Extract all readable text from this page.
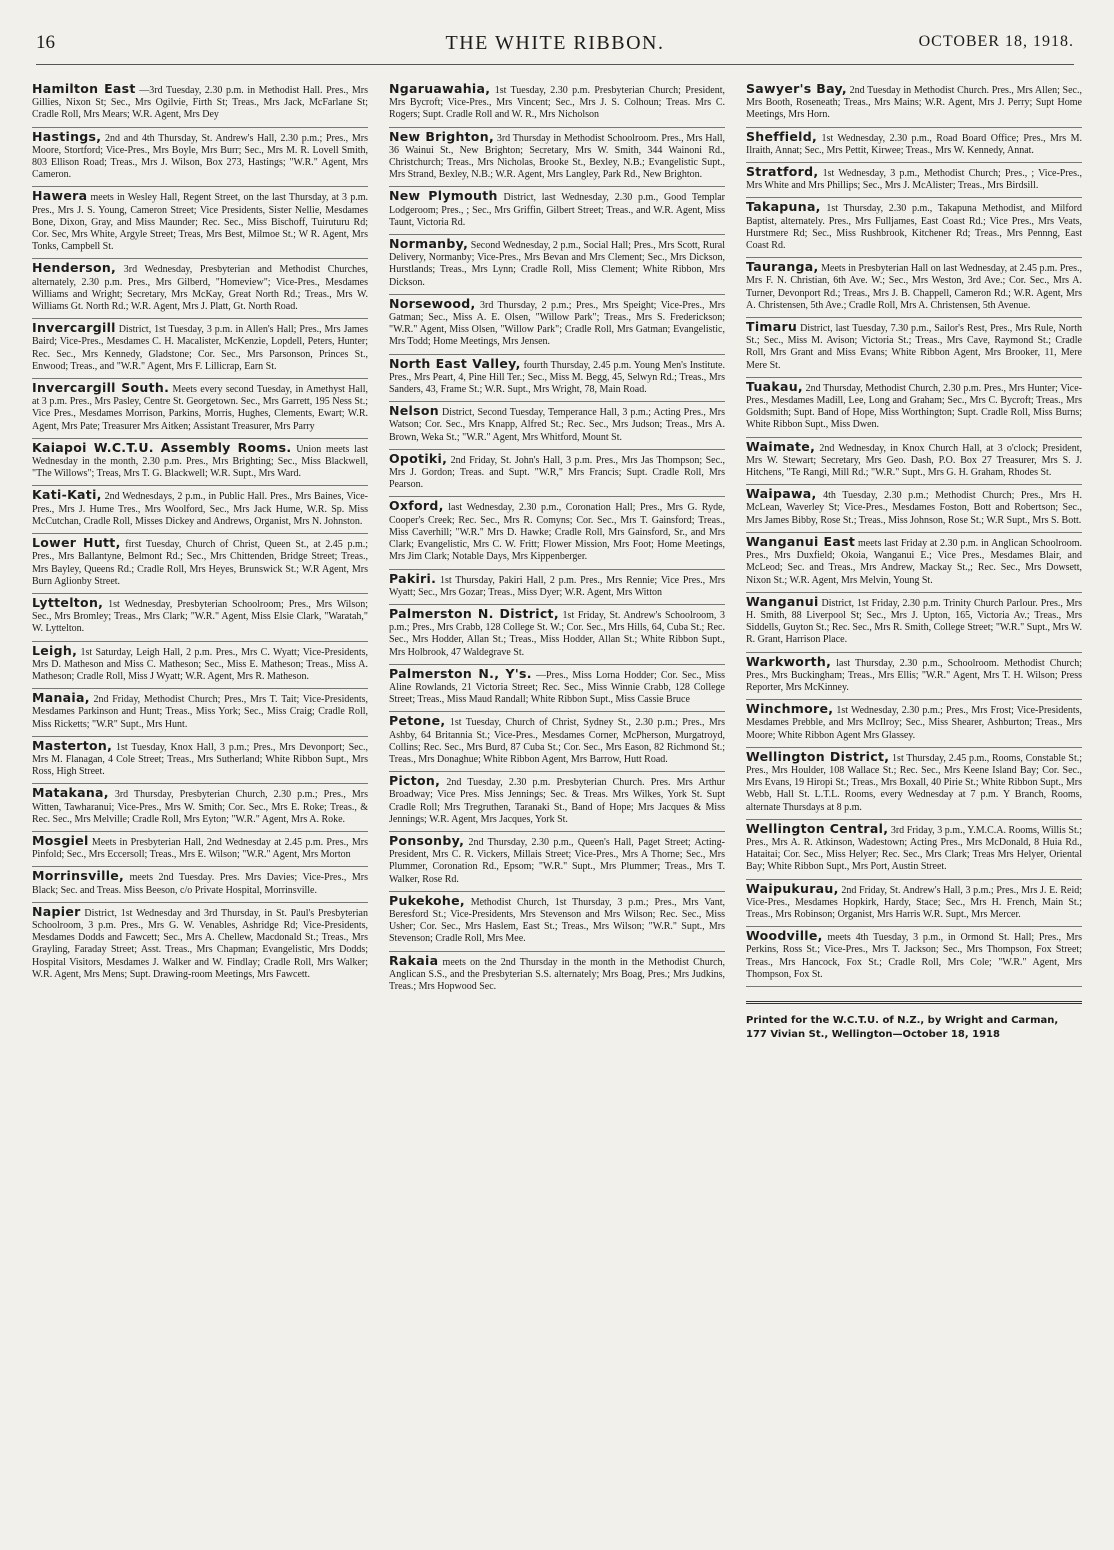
16	THE WHITE RIBBON.	OCTOBER 18, 1918.
Hamilton East —3rd Tuesday, 2.30 p.m. in Methodist Hall. Pres., Mrs Gillies, Nixon St; Sec., Mrs Ogilvie, Firth St; Treas., Mrs Jack, McFarlane St; Cradle Roll, Mrs Mears; W.R. Agent, Mrs Dey
Hastings, 2nd and 4th Thursday, St. Andrew's Hall, 2.30 p.m.; Pres., Mrs Moore, Stortford; Vice-Pres., Mrs Boyle, Mrs Burr; Sec., Mrs M. R. Lovell Smith, 803 Ellison Road; Treas., Mrs J. Wilson, Box 273, Hastings; "W.R." Agent, Mrs Cameron.
Hawera meets in Wesley Hall, Regent Street, on the last Thursday, at 3 p.m. Pres., Mrs J. S. Young, Cameron Street; Vice Presidents, Sister Nellie, Mesdames Bone, Dixon, Gray, and Miss Maunder; Rec. Sec., Miss Bischoff, Tuiruturu Rd; Cor. Sec, Mrs White, Argyle Street; Treas, Mrs Best, Milmoe St.; W R. Agent, Mrs Tonks, Campbell St.
Henderson, 3rd Wednesday, Presbyterian and Methodist Churches, alternately, 2.30 p.m. Pres., Mrs Gilberd, "Homeview"; Vice-Pres., Mesdames Williams and Wright; Secretary, Mrs McKay, Great North Rd.; Treas., Mrs W. Williams Gt. North Rd.; W.R. Agent, Mrs J. Platt, Gt. North Road.
Invercargill District, 1st Tuesday, 3 p.m. in Allen's Hall; Pres., Mrs James Baird; Vice-Pres., Mesdames C. H. Macalister, McKenzie, Lopdell, Peters, Hunter; Rec. Sec., Mrs Kennedy, Gladstone; Cor. Sec., Mrs Parsonson, Princes St., Enwood; Treas., and "W.R." Agent, Mrs F. Lillicrap, Earn St.
Invercargill South. Meets every second Tuesday, in Amethyst Hall, at 3 p.m. Pres., Mrs Pasley, Centre St. Georgetown. Sec., Mrs Garrett, 195 Ness St.; Vice Pres., Mesdames Morrison, Parkins, Morris, Hughes, Clements, Ewart; W.R. Agent, Mrs Pate; Treasurer Mrs Aitken; Assistant Treasurer, Mrs Parry
Kaiapoi W.C.T.U. Assembly Rooms. Union meets last Wednesday in the month, 2.30 p.m. Pres., Mrs Brighting; Sec., Miss Blackwell, "The Willows"; Treas, Mrs T. G. Blackwell; W.R. Supt., Mrs Ward.
Kati-Kati, 2nd Wednesdays, 2 p.m., in Public Hall. Pres., Mrs Baines, Vice-Pres., Mrs J. Hume Tres., Mrs Woolford, Sec., Mrs Jack Hume, W.R. Sp. Miss McCutchan, Cradle Roll, Misses Dickey and Andrews, Organist, Mrs N. Johnston.
Lower Hutt, first Tuesday, Church of Christ, Queen St., at 2.45 p.m.; Pres., Mrs Ballantyne, Belmont Rd.; Sec., Mrs Chittenden, Bridge Street; Treas., Mrs Bayley, Queens Rd.; Cradle Roll, Mrs Heyes, Brunswick St.; W.R Agent, Mrs Burn Aglionby Street.
Lyttelton, 1st Wednesday, Presbyterian Schoolroom; Pres., Mrs Wilson; Sec., Mrs Bromley; Treas., Mrs Clark; "W.R." Agent, Miss Elsie Clark, "Waratah," W. Lyttelton.
Leigh, 1st Saturday, Leigh Hall, 2 p.m. Pres., Mrs C. Wyatt; Vice-Presidents, Mrs D. Matheson and Miss C. Matheson; Sec., Miss E. Matheson; Treas., Miss A. Matheson; Cradle Roll, Miss J Wyatt; W.R. Agent, Mrs R. Matheson.
Manaia, 2nd Friday, Methodist Church; Pres., Mrs T. Tait; Vice-Presidents, Mesdames Parkinson and Hunt; Treas., Miss York; Sec., Miss Craig; Cradle Roll, Miss Ricketts; "W.R" Supt., Mrs Hunt.
Masterton, 1st Tuesday, Knox Hall, 3 p.m.; Pres., Mrs Devonport; Sec., Mrs M. Flanagan, 4 Cole Street; Treas., Mrs Sutherland; White Ribbon Supt., Mrs Ross, High Street.
Matakana, 3rd Thursday, Presbyterian Church, 2.30 p.m.; Pres., Mrs Witten, Tawharanui; Vice-Pres., Mrs W. Smith; Cor. Sec., Mrs E. Roke; Treas., & Rec. Sec., Mrs Melville; Cradle Roll, Mrs Eyton; "W.R." Agent, Mrs A. Roke.
Mosgiel Meets in Presbyterian Hall, 2nd Wednesday at 2.45 p.m. Pres., Mrs Pinfold; Sec., Mrs Eccersoll; Treas., Mrs E. Wilson; "W.R." Agent, Mrs Morton
Morrinsville, meets 2nd Tuesday. Pres. Mrs Davies; Vice-Pres., Mrs Black; Sec. and Treas. Miss Beeson, c/o Private Hospital, Morrinsville.
Napier District, 1st Wednesday and 3rd Thursday, in St. Paul's Presbyterian Schoolroom, 3 p.m. Pres., Mrs G. W. Venables, Ashridge Rd; Vice-Presidents, Mesdames Dodds and Fawcett; Sec., Mrs A. Chellew, Macdonald St.; Treas., Mrs Grayling, Faraday Street; Asst. Treas., Mrs Chapman; Evangelistic, Mrs Dodds; Hospital Visitors, Mesdames J. Walker and W. Findlay; Cradle Roll, Mrs Walker; W.R. Agent, Mrs Mens; Supt. Drawing-room Meetings, Mrs Fawcett.
Ngaruawahia, 1st Tuesday, 2.30 p.m. Presbyterian Church; President, Mrs Bycroft; Vice-Pres., Mrs Vincent; Sec., Mrs J. S. Colhoun; Treas. Mrs C. Rogers; Supt. Cradle Roll and W. R., Mrs Nicholson
New Brighton, 3rd Thursday in Methodist Schoolroom. Pres., Mrs Hall, 36 Wainui St., New Brighton; Secretary, Mrs W. Smith, 344 Wainoni Rd., Christchurch; Treas., Mrs Nicholas, Brooke St., Bexley, N.B.; Evangelistic Supt., Mrs Strand, Bexley, N.B.; W.R. Agent, Mrs Langley, Park Rd., New Brighton.
New Plymouth District, last Wednesday, 2.30 p.m., Good Templar Lodgeroom; Pres., ; Sec., Mrs Griffin, Gilbert Street; Treas., and W.R. Agent, Miss Taunt, Victoria Rd.
Normanby, Second Wednesday, 2 p.m., Social Hall; Pres., Mrs Scott, Rural Delivery, Normanby; Vice-Pres., Mrs Bevan and Mrs Clement; Sec., Mrs Dickson, Hurstlands; Treas., Mrs Lynn; Cradle Roll, Miss Clement; White Ribbon, Mrs Dickson.
Norsewood, 3rd Thursday, 2 p.m.; Pres., Mrs Speight; Vice-Pres., Mrs Gatman; Sec., Miss A. E. Olsen, "Willow Park"; Treas., Mrs S. Frederickson; "W.R." Agent, Miss Olsen, "Willow Park"; Cradle Roll, Mrs Gatman; Evangelistic, Mrs Todd; Home Meetings, Mrs Jensen.
North East Valley, fourth Thursday, 2.45 p.m. Young Men's Institute. Pres., Mrs Peart, 4, Pine Hill Ter.; Sec., Miss M. Begg, 45, Selwyn Rd.; Treas., Mrs Sanders, 43, Frame St.; W.R. Supt., Mrs Wright, 78, Main Road.
Nelson District, Second Tuesday, Temperance Hall, 3 p.m.; Acting Pres., Mrs Watson; Cor. Sec., Mrs Knapp, Alfred St.; Rec. Sec., Mrs Judson; Treas., Mrs A. Brown, Weka St.; "W.R." Agent, Mrs Whitford, Mount St.
Opotiki, 2nd Friday, St. John's Hall, 3 p.m. Pres., Mrs Jas Thompson; Sec., Mrs J. Gordon; Treas. and Supt. "W.R," Mrs Francis; Supt. Cradle Roll, Mrs Pearson.
Oxford, last Wednesday, 2.30 p.m., Coronation Hall; Pres., Mrs G. Ryde, Cooper's Creek; Rec. Sec., Mrs R. Comyns; Cor. Sec., Mrs T. Gainsford; Treas., Miss Caverhill; "W.R." Mrs D. Hawke; Cradle Roll, Mrs Gainsford, Sr., and Mrs Clark; Evangelistic, Mrs C. W. Fritt; Flower Mission, Mrs Foot; Home Meetings, Mrs Jim Clark; Notable Days, Mrs Kippenberger.
Pakiri. 1st Thursday, Pakiri Hall, 2 p.m. Pres., Mrs Rennie; Vice Pres., Mrs Wyatt; Sec., Mrs Gozar; Treas., Miss Dyer; W.R. Agent, Mrs Witton
Palmerston N. District, 1st Friday, St. Andrew's Schoolroom, 3 p.m.; Pres., Mrs Crabb, 128 College St. W.; Cor. Sec., Mrs Hills, 64, Cuba St.; Rec. Sec., Mrs Hodder, Allan St.; Treas., Miss Hodder, Allan St.; White Ribbon Supt., Mrs Holbrook, 47 Waldegrave St.
Palmerston N., Y's. —Pres., Miss Lorna Hodder; Cor. Sec., Miss Aline Rowlands, 21 Victoria Street; Rec. Sec., Miss Winnie Crabb, 128 College Street; Treas., Miss Maud Randall; White Ribbon Supt., Miss Cassie Bruce
Petone, 1st Tuesday, Church of Christ, Sydney St., 2.30 p.m.; Pres., Mrs Ashby, 64 Britannia St.; Vice-Pres., Mesdames Corner, McPherson, Murgatroyd, Collins; Rec. Sec., Mrs Burd, 87 Cuba St.; Cor. Sec., Mrs Eason, 82 Richmond St.; Treas., Mrs Donaghue; White Ribbon Agent, Mrs Barrow, Hutt Road.
Picton, 2nd Tuesday, 2.30 p.m. Presbyterian Church. Pres. Mrs Arthur Broadway; Vice Pres. Miss Jennings; Sec. & Treas. Mrs Wilkes, York St. Supt Cradle Roll; Mrs Tregruthen, Taranaki St., Band of Hope; Mrs Jacques & Miss Jennings; W.R. Agent, Mrs Jacques, York St.
Ponsonby, 2nd Thursday, 2.30 p.m., Queen's Hall, Paget Street; Acting-President, Mrs C. R. Vickers, Millais Street; Vice-Pres., Mrs A Thorne; Sec., Mrs Plummer, Coronation Rd., Epsom; "W.R." Supt., Mrs Plummer; Treas., Mrs T. Walker, Rose Rd.
Pukekohe, Methodist Church, 1st Thursday, 3 p.m.; Pres., Mrs Vant, Beresford St.; Vice-Presidents, Mrs Stevenson and Mrs Wilson; Rec. Sec., Miss Usher; Cor. Sec., Mrs Haslem, East St.; Treas., Mrs Wilson; "W.R." Supt., Mrs Stevenson; Cradle Roll, Mrs Mee.
Rakaia meets on the 2nd Thursday in the month in the Methodist Church, Anglican S.S., and the Presbyterian S.S. alternately; Mrs Boag, Pres.; Mrs Judkins, Treas.; Mrs Hopwood Sec.
Sawyer's Bay, 2nd Tuesday in Methodist Church. Pres., Mrs Allen; Sec., Mrs Booth, Roseneath; Treas., Mrs Mains; W.R. Agent, Mrs J. Perry; Supt Home Meetings, Mrs Horn.
Sheffield, 1st Wednesday, 2.30 p.m., Road Board Office; Pres., Mrs M. Ilraith, Annat; Sec., Mrs Pettit, Kirwee; Treas., Mrs W. Kennedy, Annat.
Stratford, 1st Wednesday, 3 p.m., Methodist Church; Pres., ; Vice-Pres., Mrs White and Mrs Phillips; Sec., Mrs J. McAlister; Treas., Mrs Birdsill.
Takapuna, 1st Thursday, 2.30 p.m., Takapuna Methodist, and Milford Baptist, alternately. Pres., Mrs Fulljames, East Coast Rd.; Vice Pres., Mrs Veats, Hurstmere Rd; Sec., Miss Rushbrook, Kitchener Rd; Treas., Mrs Pennng, East Coast Rd.
Tauranga, Meets in Presbyterian Hall on last Wednesday, at 2.45 p.m. Pres., Mrs F. N. Christian, 6th Ave. W.; Sec., Mrs Weston, 3rd Ave.; Cor. Sec., Mrs A. Turner, Devonport Rd.; Treas., Mrs J. B. Chappell, Cameron Rd.; W.R. Agent, Mrs A. Christensen, 5th Ave.; Cradle Roll, Mrs A. Christensen, 5th Avenue.
Timaru District, last Tuesday, 7.30 p.m., Sailor's Rest, Pres., Mrs Rule, North St.; Sec., Miss M. Avison; Victoria St.; Treas., Mrs Cave, Raymond St.; Cradle Roll, Mrs Grant and Miss Evans; White Ribbon Agent, Mrs Brooker, 11, Mere Mere St.
Tuakau, 2nd Thursday, Methodist Church, 2.30 p.m. Pres., Mrs Hunter; Vice-Pres., Mesdames Madill, Lee, Long and Graham; Sec., Mrs C. Bycroft; Treas., Mrs Goldsmith; Supt. Band of Hope, Miss Worthington; Supt. Cradle Roll, Miss Burns; White Ribbon Supt., Miss Dwen.
Waimate, 2nd Wednesday, in Knox Church Hall, at 3 o'clock; President, Mrs W. Stewart; Secretary, Mrs Geo. Dash, P.O. Box 27 Treasurer, Mrs S. J. Hitchens, "Te Rangi, Mill Rd.; "W.R." Supt., Mrs G. H. Graham, Rhodes St.
Waipawa, 4th Tuesday, 2.30 p.m.; Methodist Church; Pres., Mrs H. McLean, Waverley St; Vice-Pres., Mesdames Foston, Bott and Robertson; Sec., Mrs James Bibby, Rose St.; Treas., Miss Johnson, Rose St.; W.R Supt., Mrs S. Bott.
Wanganui East meets last Friday at 2.30 p.m. in Anglican Schoolroom. Pres., Mrs Duxfield; Okoia, Wanganui E.; Vice Pres., Mesdames Blair, and McLeod; Sec. and Treas., Mrs Andrew, Mackay St.,; Rec. Sec., Mrs Dowsett, Nixon St.; W.R. Agent, Mrs Melvin, Young St.
Wanganui District, 1st Friday, 2.30 p.m. Trinity Church Parlour. Pres., Mrs H. Smith, 88 Liverpool St; Sec., Mrs J. Upton, 165, Victoria Av.; Treas., Mrs Siddells, Guyton St.; Rec. Sec., Mrs R. Smith, College Street; "W.R." Supt., Mrs W. R. Grant, Harrison Place.
Warkworth, last Thursday, 2.30 p.m., Schoolroom. Methodist Church; Pres., Mrs Buckingham; Treas., Mrs Ellis; "W.R." Agent, Mrs T. H. Wilson; Press Reporter, Mrs McKinney.
Winchmore, 1st Wednesday, 2.30 p.m.; Pres., Mrs Frost; Vice-Presidents, Mesdames Prebble, and Mrs McIlroy; Sec., Miss Shearer, Ashburton; Treas., Mrs Moore; White Ribbon Agent Mrs Glassey.
Wellington District, 1st Thursday, 2.45 p.m., Rooms, Constable St.; Pres., Mrs Houlder, 108 Wallace St.; Rec. Sec., Mrs Keene Island Bay; Cor. Sec., Mrs Evans, 19 Hiropi St.; Treas., Mrs Boxall, 40 Pirie St.; White Ribbon Supt., Mrs Webb, Hall St. L.T.L. Rooms, every Wednesday at 7 p.m. Y Branch, Rooms, alternate Thursdays at 8 p.m.
Wellington Central, 3rd Friday, 3 p.m., Y.M.C.A. Rooms, Willis St.; Pres., Mrs A. R. Atkinson, Wadestown; Acting Pres., Mrs McDonald, 8 Huia Rd., Hataitai; Cor. Sec., Miss Helyer; Rec. Sec., Mrs Clark; Treas Mrs Helyer, Oriental Bay; White Ribbon Supt., Mrs Port, Austin Street.
Waipukurau, 2nd Friday, St. Andrew's Hall, 3 p.m.; Pres., Mrs J. E. Reid; Vice-Pres., Mesdames Hopkirk, Hardy, Stace; Sec., Mrs H. French, Main St.; Treas., Mrs Robinson; Organist, Mrs Harris W.R. Supt., Mrs Mercer.
Woodville, meets 4th Tuesday, 3 p.m., in Ormond St. Hall; Pres., Mrs Perkins, Ross St.; Vice-Pres., Mrs T. Jackson; Sec., Mrs Thompson, Fox Street; Treas., Mrs Hancock, Fox St.; Cradle Roll, Mrs Cole; "W.R." Agent, Mrs Thompson, Fox St.
Printed for the W.C.T.U. of N.Z., by Wright and Carman, 177 Vivian St., Wellington—October 18, 1918
